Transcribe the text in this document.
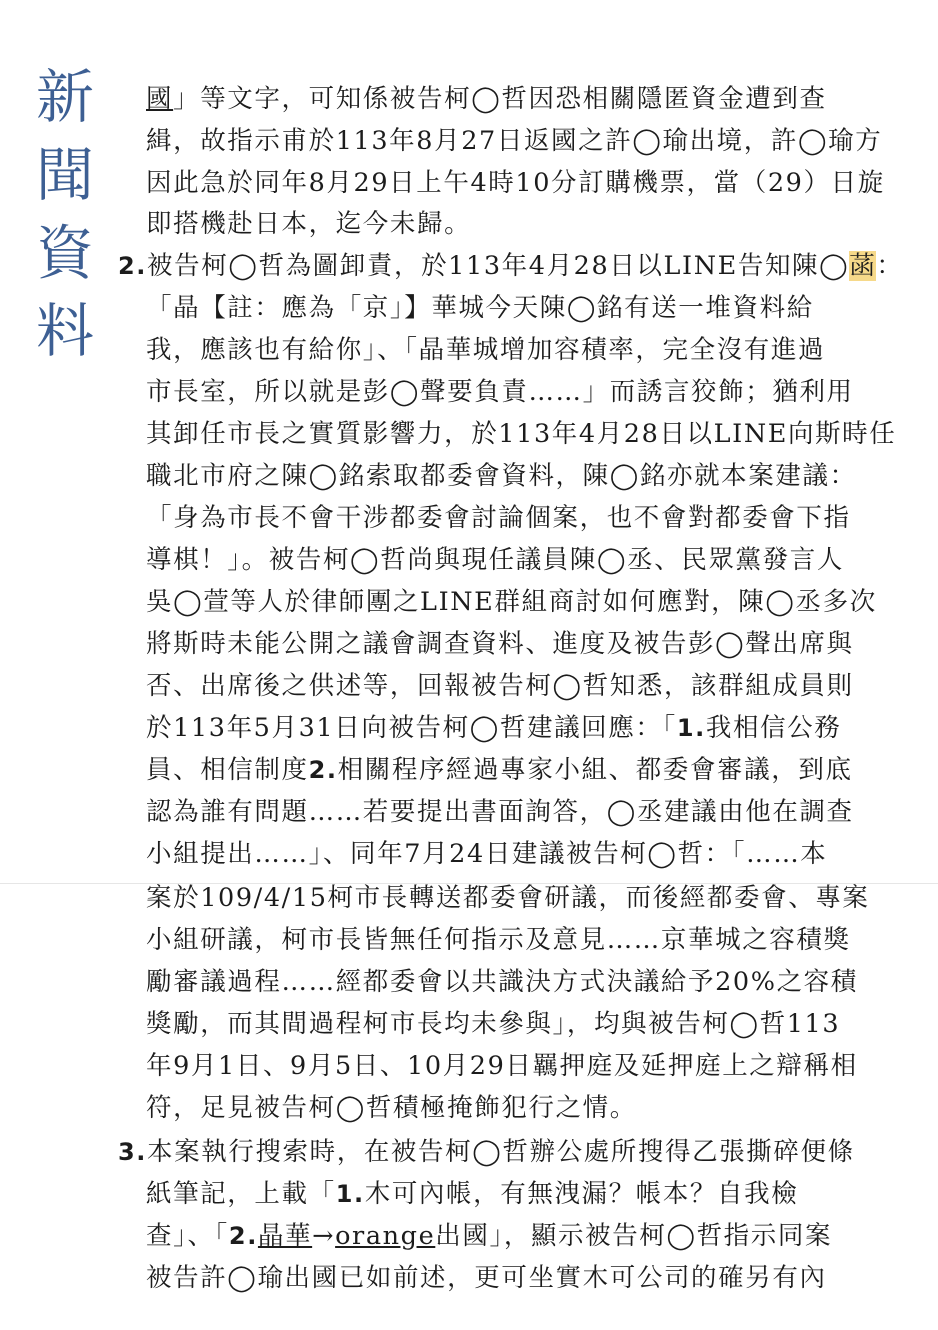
新
聞
資
料
國」等文字，可知係被告柯◯哲因恐相關隱匿資金遭到查
緝，故指示甫於113年8月27日返國之許◯瑜出境，許◯瑜方
因此急於同年8月29日上午4時10分訂購機票，當（29）日旋
即搭機赴日本，迄今未歸。
2.被告柯◯哲為圖卸責，於113年4月28日以LINE告知陳◯菡：
「晶【註：應為「京」】華城今天陳◯銘有送一堆資料給
我，應該也有給你」、「晶華城增加容積率，完全沒有進過
市長室，所以就是彭◯聲要負責……」而誘言狡飾；猶利用
其卸任市長之實質影響力，於113年4月28日以LINE向斯時任
職北市府之陳◯銘索取都委會資料，陳◯銘亦就本案建議：
「身為市長不會干涉都委會討論個案，也不會對都委會下指
導棋！」。被告柯◯哲尚與現任議員陳◯丞、民眾黨發言人
吳◯萱等人於律師團之LINE群組商討如何應對，陳◯丞多次
將斯時未能公開之議會調查資料、進度及被告彭◯聲出席與
否、出席後之供述等，回報被告柯◯哲知悉，該群組成員則
於113年5月31日向被告柯◯哲建議回應：「1.我相信公務
員、相信制度2.相關程序經過專家小組、都委會審議，到底
認為誰有問題……若要提出書面詢答，◯丞建議由他在調查
小組提出……」、同年7月24日建議被告柯◯哲：「……本
案於109/4/15柯市長轉送都委會研議，而後經都委會、專案
小組研議，柯市長皆無任何指示及意見……京華城之容積獎
勵審議過程……經都委會以共識決方式決議給予20%之容積
獎勵，而其間過程柯市長均未參與」，均與被告柯◯哲113
年9月1日、9月5日、10月29日羈押庭及延押庭上之辯稱相
符，足見被告柯◯哲積極掩飾犯行之情。
3.本案執行搜索時，在被告柯◯哲辦公處所搜得乙張撕碎便條
紙筆記，上載「1.木可內帳，有無洩漏？帳本？自我檢
查」、「2.晶華→orange出國」，顯示被告柯◯哲指示同案
被告許◯瑜出國已如前述，更可坐實木可公司的確另有內
